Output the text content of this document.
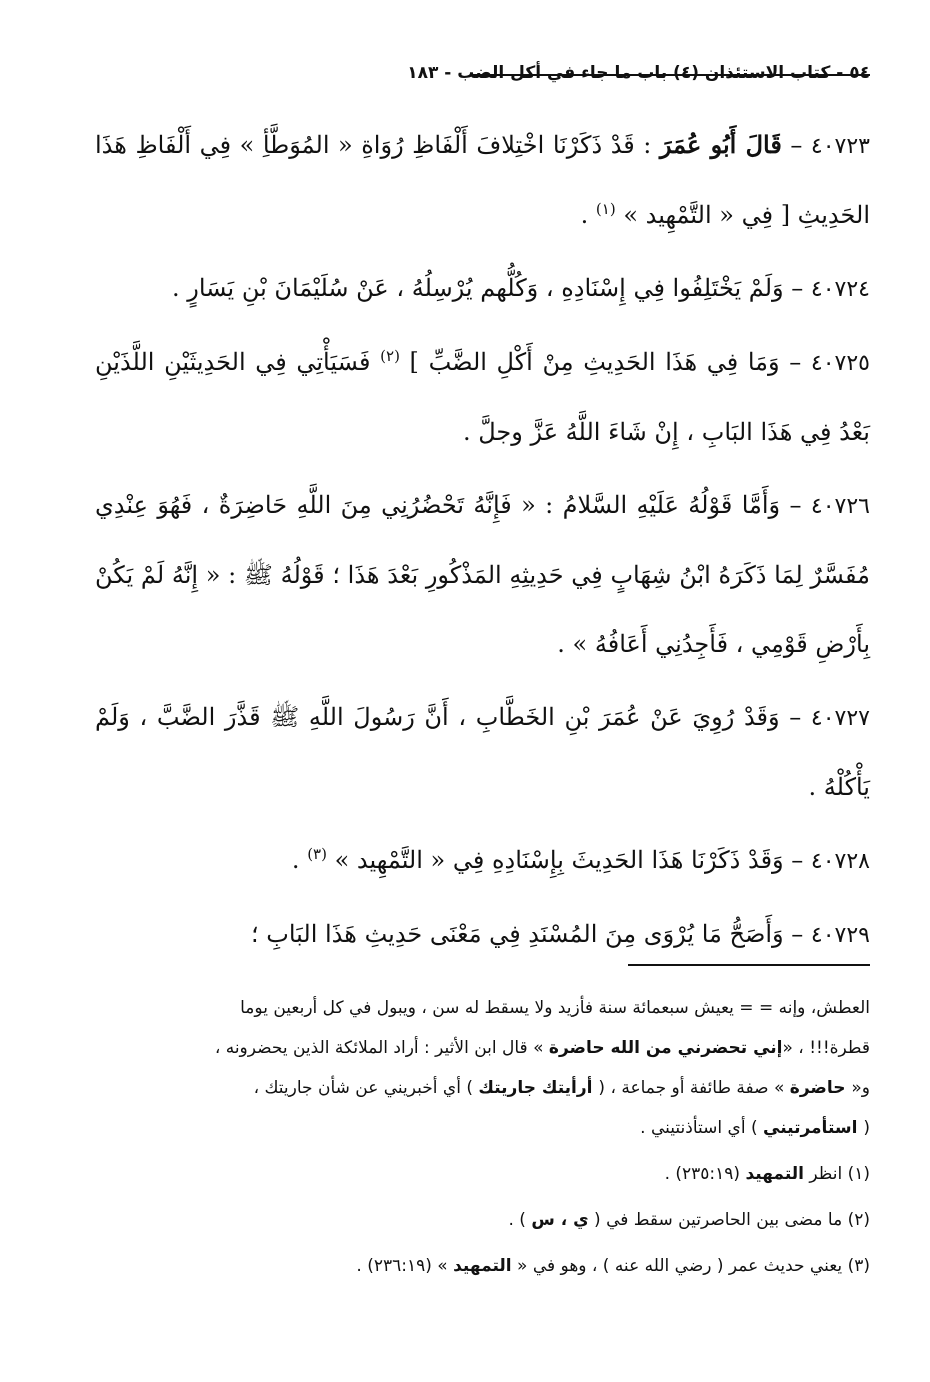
٥٤ - كتاب الاستئذان (٤) باب ما جاء في أكل الضب - ١٨٣

٤٠٧٢٣ – قَالَ أَبُو عُمَرَ : قَدْ ذَكَرْنَا اخْتِلافَ أَلْفَاظِ رُوَاةِ « المُوَطَّأِ » فِي أَلْفَاظِ هَذَا الحَدِيثِ [ فِي « التَّمْهِيد » $^{(١)}$ .

٤٠٧٢٤ – وَلَمْ يَخْتَلِفُوا فِي إِسْنَادِهِ ، وَكُلُّهم يُرْسِلُهُ ، عَنْ سُلَيْمَانَ بْنِ يَسَارٍ .

٤٠٧٢٥ – وَمَا فِي هَذَا الحَدِيثِ مِنْ أَكْلِ الضَّبِّ ] $^{(٢)}$ فَسَيَأْتِي فِي الحَدِيثَيْنِ اللَّذَيْنِ بَعْدُ فِي هَذَا البَابِ ، إِنْ شَاءَ اللَّهُ عَزَّ وجلَّ .

٤٠٧٢٦ – وَأَمَّا قَوْلُهُ عَلَيْهِ السَّلامُ : « فَإِنَّهُ تَحْضُرُنِي مِنَ اللَّهِ حَاضِرَةٌ ، فَهُوَ عِنْدِي مُفَسَّرٌ لِمَا ذَكَرَهُ ابْنُ شِهَابٍ فِي حَدِيثِهِ المَذْكُورِ بَعْدَ هَذَا ؛ قَوْلُهُ ﷺ : « إِنَّهُ لَمْ يَكُنْ بِأَرْضِ قَوْمِي ، فَأَجِدُنِي أَعَافُهُ » .

٤٠٧٢٧ – وَقَدْ رُوِيَ عَنْ عُمَرَ بْنِ الخَطَّابِ ، أَنَّ رَسُولَ اللَّهِ ﷺ قَذَّرَ الضَّبَّ ، وَلَمْ يَأْكُلْهُ .

٤٠٧٢٨ – وَقَدْ ذَكَرْنَا هَذَا الحَدِيثَ بِإِسْنَادِهِ فِي « التَّمْهِيد » $^{(٣)}$ .

٤٠٧٢٩ – وَأَصَحُّ مَا يُرْوَى مِنَ المُسْنَدِ فِي مَعْنَى حَدِيثِ هَذَا البَابِ ؛

العطش، وإنه = = يعيش سبعمائة سنة فأزيد ولا يسقط له سن ، ويبول في كل أربعين يوما
قطرة!!! ، «إني تحضرني من الله حاضرة » قال ابن الأثير : أراد الملائكة الذين يحضرونه ،
و« حاضرة » صفة طائفة أو جماعة ، ( أرأيتك جاريتك ) أي أخبريني عن شأن جاريتك ،
( استأمرتيني ) أي استأذنتيني .

(١) انظر التمهيد (٢٣٥:١٩) .

(٢) ما مضى بين الحاصرتين سقط في ( ي ، س ) .

(٣) يعني حديث عمر ( رضي الله عنه ) ، وهو في « التمهيد » (٢٣٦:١٩) .
